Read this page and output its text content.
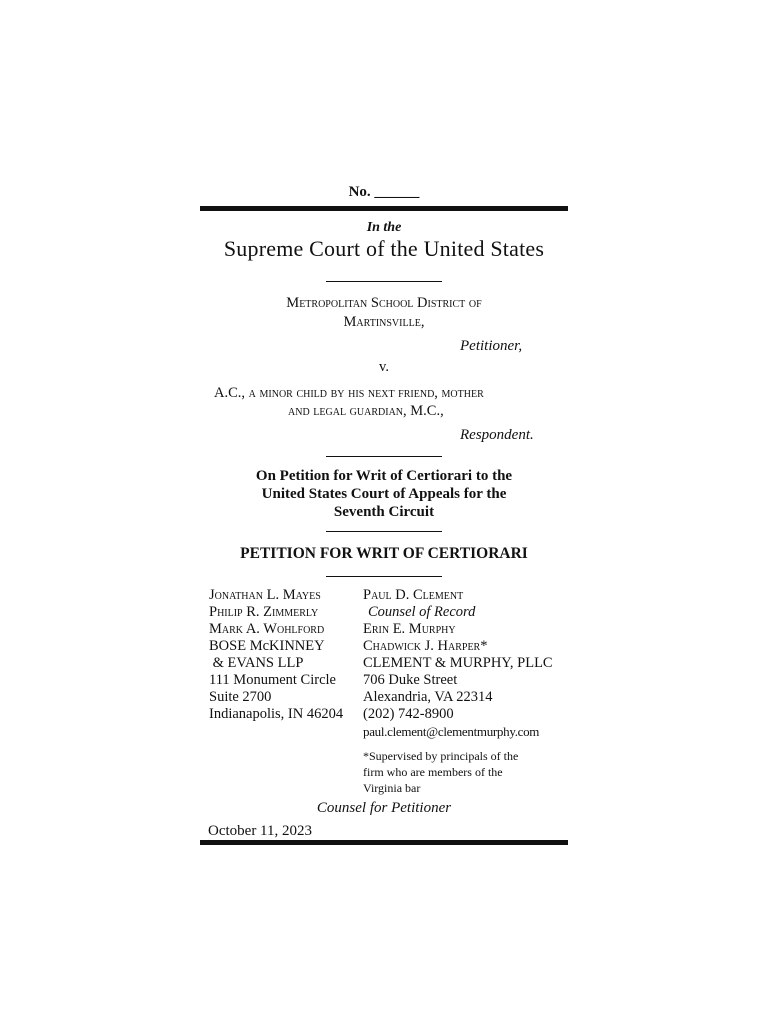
No. ______
In the
Supreme Court of the United States
Metropolitan School District of
Martinsville,
Petitioner,
v.
A.C., a minor child by his next friend, mother
and legal guardian, M.C.,
Respondent.
On Petition for Writ of Certiorari to the
United States Court of Appeals for the
Seventh Circuit
PETITION FOR WRIT OF CERTIORARI
Jonathan L. Mayes
Philip R. Zimmerly
Mark A. Wohlford
BOSE McKINNEY
& EVANS LLP
111 Monument Circle
Suite 2700
Indianapolis, IN 46204
Paul D. Clement
Counsel of Record
Erin E. Murphy
Chadwick J. Harper*
CLEMENT & MURPHY, PLLC
706 Duke Street
Alexandria, VA 22314
(202) 742-8900
paul.clement@clementmurphy.com
*Supervised by principals of the
firm who are members of the
Virginia bar
Counsel for Petitioner
October 11, 2023
